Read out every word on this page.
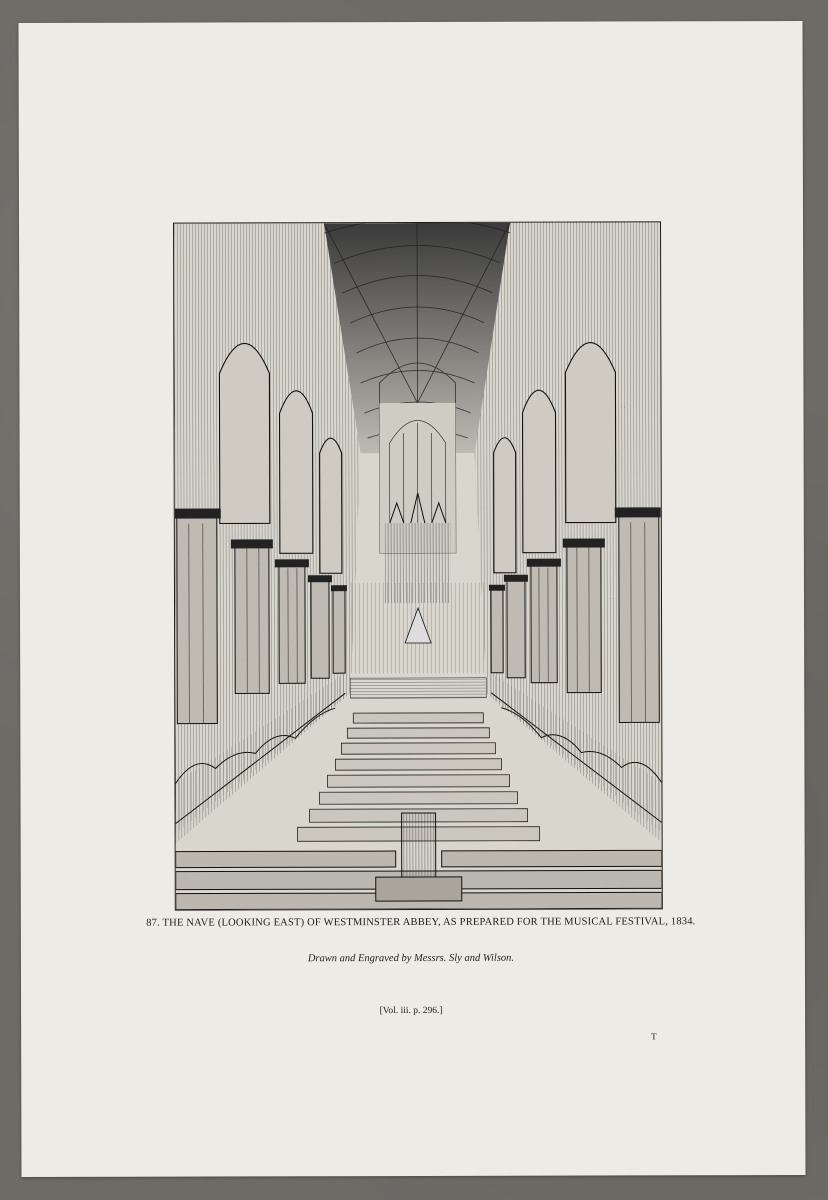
87. THE NAVE (LOOKING EAST) OF WESTMINSTER ABBEY, AS PREPARED FOR THE MUSICAL FESTIVAL, 1834.
Drawn and Engraved by Messrs. Sly and Wilson.
[Vol. iii. p. 296.]
T
